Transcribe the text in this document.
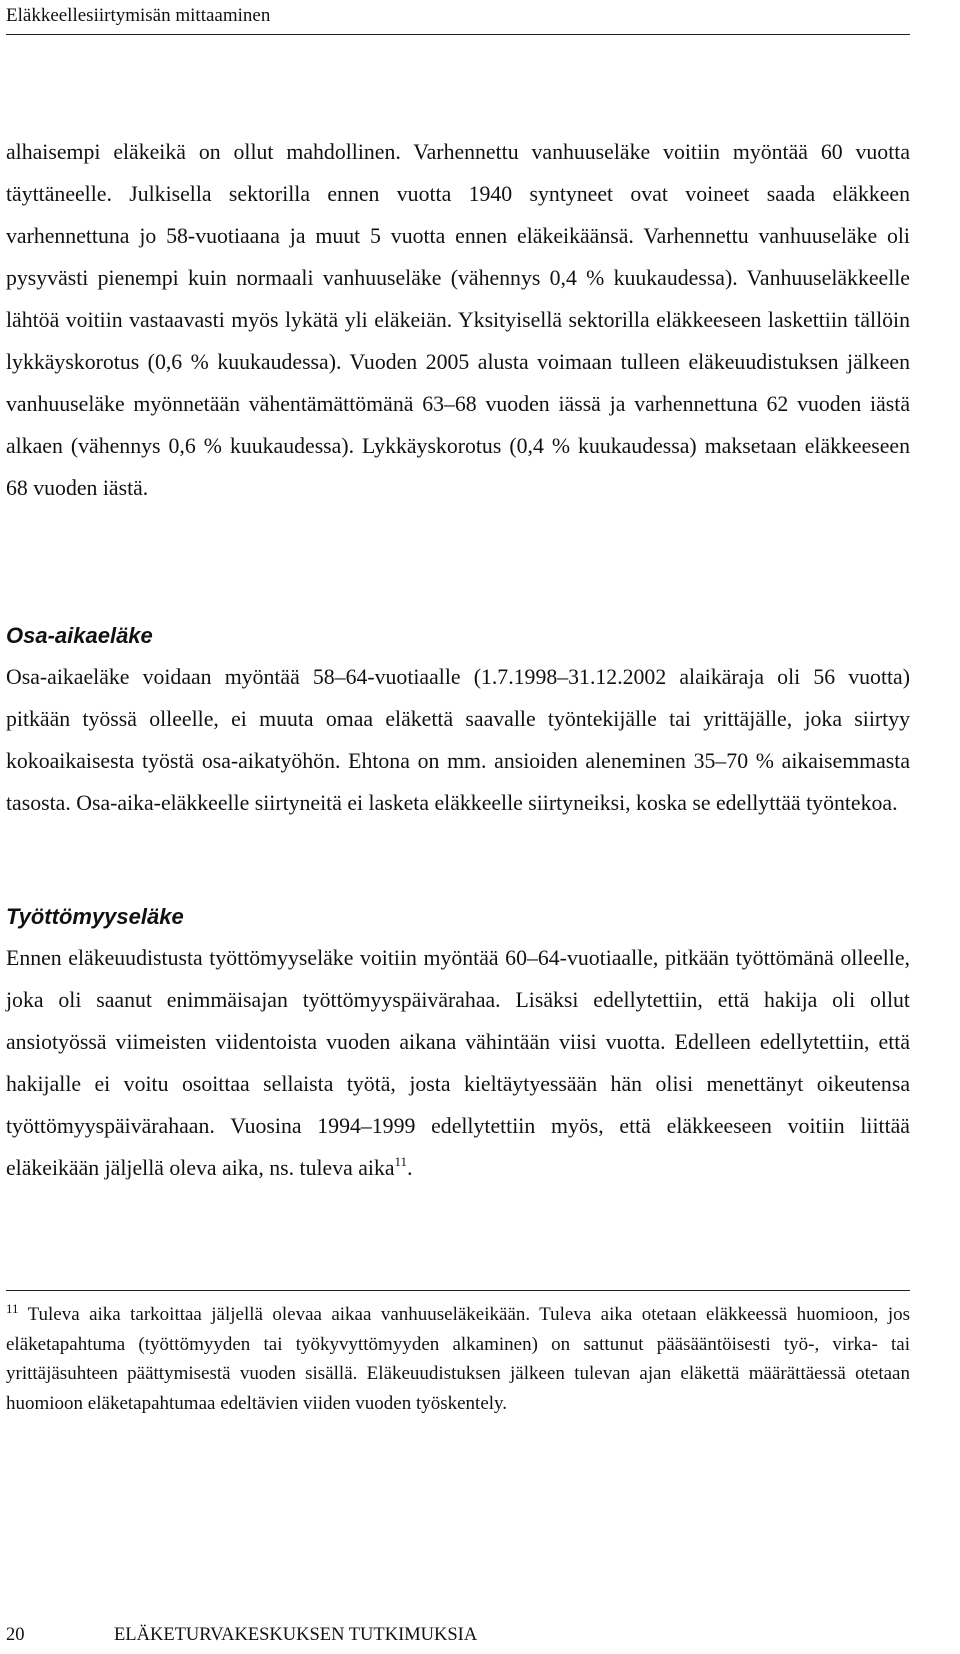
Eläkkeellesiirtymisän mittaaminen

alhaisempi eläkeikä on ollut mahdollinen. Varhennettu vanhuuseläke voitiin myöntää 60 vuotta täyttäneelle. Julkisella sektorilla ennen vuotta 1940 syntyneet ovat voineet saada eläkkeen varhennettuna jo 58-vuotiaana ja muut 5 vuotta ennen eläkeikäänsä. Varhennettu vanhuuseläke oli pysyvästi pienempi kuin normaali vanhuuseläke (vähennys 0,4 % kuukaudessa). Vanhuuseläkkeelle lähtöä voitiin vastaavasti myös lykätä yli eläkeiän. Yksityisellä sektorilla eläkkeeseen laskettiin tällöin lykkäyskorotus (0,6 % kuukaudessa). Vuoden 2005 alusta voimaan tulleen eläkeuudistuksen jälkeen vanhuuseläke myönnetään vähentämättömänä 63–68 vuoden iässä ja varhennettuna 62 vuoden iästä alkaen (vähennys 0,6 % kuukaudessa). Lykkäyskorotus (0,4 % kuukaudessa) maksetaan eläkkeeseen 68 vuoden iästä.

Osa-aikaeläke

Osa-aikaeläke voidaan myöntää 58–64-vuotiaalle (1.7.1998–31.12.2002 alaikäraja oli 56 vuotta) pitkään työssä olleelle, ei muuta omaa eläkettä saavalle työntekijälle tai yrittäjälle, joka siirtyy kokoaikaisesta työstä osa-aikatyöhön. Ehtona on mm. ansioiden aleneminen 35–70 % aikaisemmasta tasosta. Osa-aika-eläkkeelle siirtyneitä ei lasketa eläkkeelle siirtyneiksi, koska se edellyttää työntekoa.

Työttömyyseläke

Ennen eläkeuudistusta työttömyyseläke voitiin myöntää 60–64-vuotiaalle, pitkään työttömänä olleelle, joka oli saanut enimmäisajan työttömyyspäivärahaa. Lisäksi edellytettiin, että hakija oli ollut ansiotyössä viimeisten viidentoista vuoden aikana vähintään viisi vuotta. Edelleen edellytettiin, että hakijalle ei voitu osoittaa sellaista työtä, josta kieltäytyessään hän olisi menettänyt oikeutensa työttömyyspäivärahaan. Vuosina 1994–1999 edellytettiin myös, että eläkkeeseen voitiin liittää eläkeikään jäljellä oleva aika, ns. tuleva aika$^{11}$.

$^{11}$ Tuleva aika tarkoittaa jäljellä olevaa aikaa vanhuuseläkeikään. Tuleva aika otetaan eläkkeessä huomioon, jos eläketapahtuma (työttömyyden tai työkyvyttömyyden alkaminen) on sattunut pääsääntöisesti työ-, virka- tai yrittäjäsuhteen päättymisestä vuoden sisällä. Eläkeuudistuksen jälkeen tulevan ajan eläkettä määrättäessä otetaan huomioon eläketapahtumaa edeltävien viiden vuoden työskentely.

20	ELÄKETURVAKESKUKSEN TUTKIMUKSIA
